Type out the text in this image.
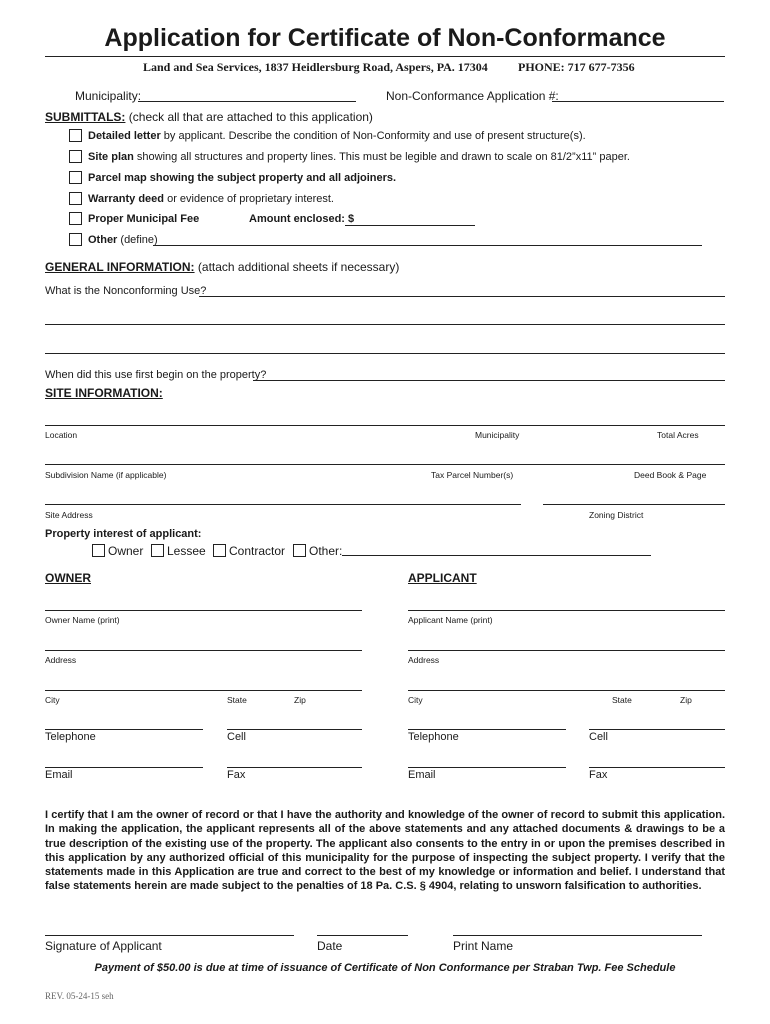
Application for Certificate of Non-Conformance
Land and Sea Services, 1837 Heidlersburg Road, Aspers, PA. 17304	PHONE: 717 677-7356
Municipality:	Non-Conformance Application #:
SUBMITTALS: (check all that are attached to this application)
Detailed letter by applicant. Describe the condition of Non-Conformity and use of present structure(s).
Site plan showing all structures and property lines. This must be legible and drawn to scale on 81/2”x11” paper.
Parcel map showing the subject property and all adjoiners.
Warranty deed or evidence of proprietary interest.
Proper Municipal Fee	Amount enclosed: $
Other (define)
GENERAL INFORMATION: (attach additional sheets if necessary)
What is the Nonconforming Use?
When did this use first begin on the property?
SITE INFORMATION:
Location	Municipality	Total Acres
Subdivision Name (if applicable)	Tax Parcel Number(s)	Deed Book & Page
Site Address	Zoning District
Property interest of applicant:
Owner Lessee Contractor Other:
OWNER	APPLICANT
Owner Name (print)
Address
City	State	Zip
Telephone	Cell
Email	Fax
Applicant Name (print)
Address
City	State	Zip
Telephone	Cell
Email	Fax
I certify that I am the owner of record or that I have the authority and knowledge of the owner of record to submit this application. In making the application, the applicant represents all of the above statements and any attached documents & drawings to be a true description of the existing use of the property. The applicant also consents to the entry in or upon the premises described in this application by any authorized official of this municipality for the purpose of inspecting the subject property. I verify that the statements made in this Application are true and correct to the best of my knowledge or information and belief. I understand that false statements herein are made subject to the penalties of 18 Pa. C.S. § 4904, relating to unsworn falsification to authorities.
Signature of Applicant	Date	Print Name
Payment of $50.00 is due at time of issuance of Certificate of Non Conformance per Straban Twp. Fee Schedule
REV. 05-24-15 seh
